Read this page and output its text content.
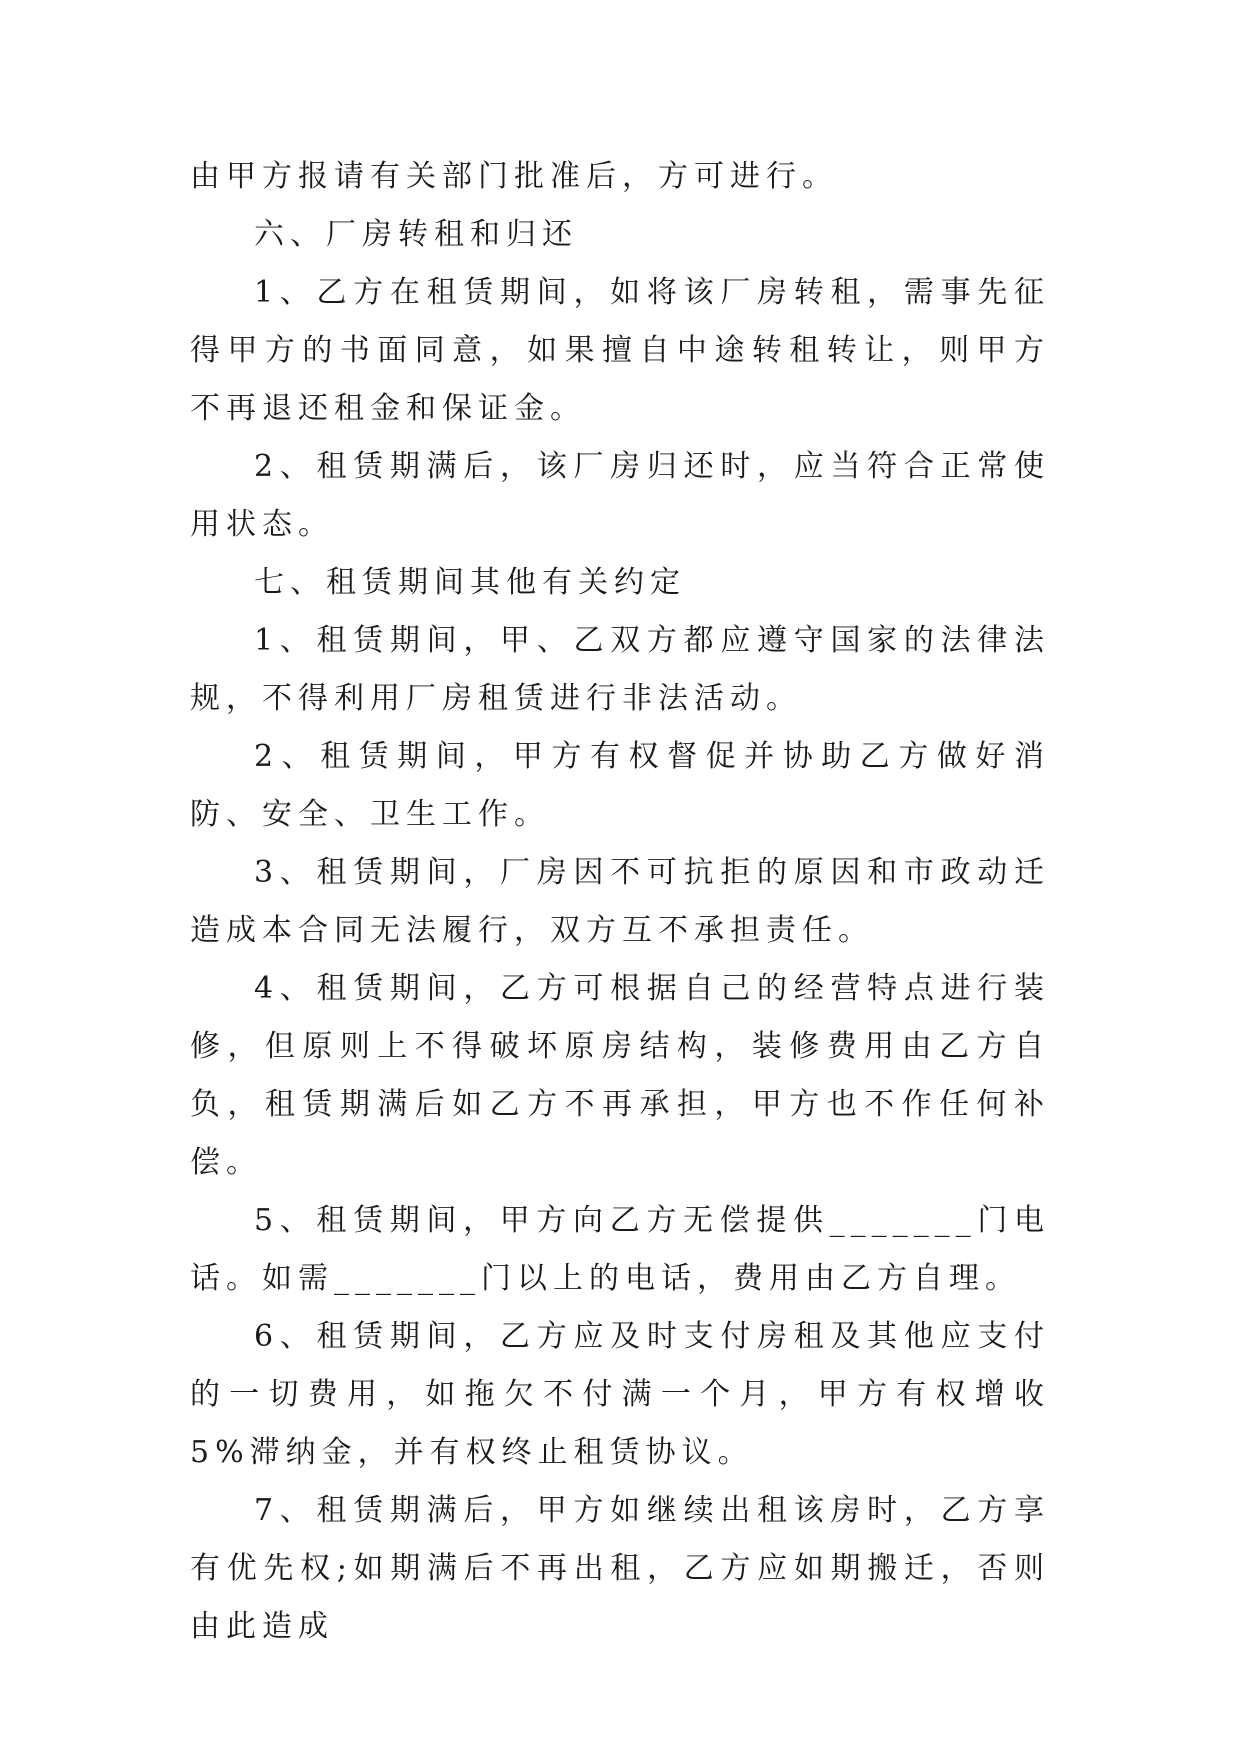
由甲方报请有关部门批准后，方可进行。

六、厂房转租和归还

1、乙方在租赁期间，如将该厂房转租，需事先征得甲方的书面同意，如果擅自中途转租转让，则甲方不再退还租金和保证金。

2、租赁期满后，该厂房归还时，应当符合正常使用状态。

七、租赁期间其他有关约定

1、租赁期间，甲、乙双方都应遵守国家的法律法规，不得利用厂房租赁进行非法活动。

2、租赁期间，甲方有权督促并协助乙方做好消防、安全、卫生工作。

3、租赁期间，厂房因不可抗拒的原因和市政动迁造成本合同无法履行，双方互不承担责任。

4、租赁期间，乙方可根据自己的经营特点进行装修，但原则上不得破坏原房结构，装修费用由乙方自负，租赁期满后如乙方不再承担，甲方也不作任何补偿。

5、租赁期间，甲方向乙方无偿提供_______门电话。如需_______门以上的电话，费用由乙方自理。

6、租赁期间，乙方应及时支付房租及其他应支付的一切费用，如拖欠不付满一个月，甲方有权增收 5%滞纳金，并有权终止租赁协议。

7、租赁期满后，甲方如继续出租该房时，乙方享有优先权;如期满后不再出租，乙方应如期搬迁，否则由此造成
